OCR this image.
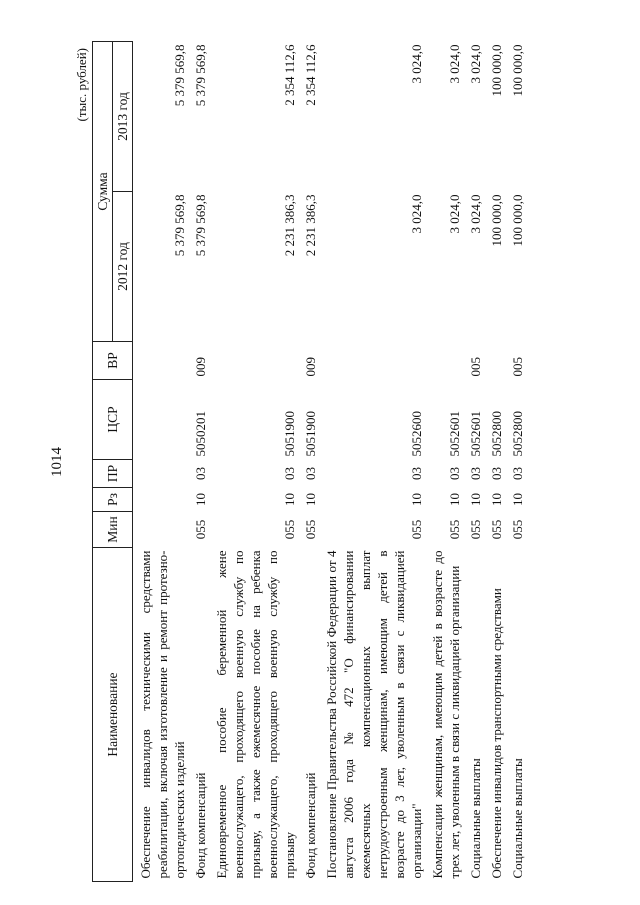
1014
(тыс. рублей)
Наименование	Мин	Рз	ПР	ЦСР	ВР	Сумма	
						2012 год	2013 год
Обеспечение инвалидов техническими средствами реабилитации, включая изготовление и ремонт протезно-ортопедических изделий						5 379 569,8	5 379 569,8
Фонд компенсаций	055	10	03	5050201	009	5 379 569,8	5 379 569,8
Единовременное пособие беременной жене военнослужащего, проходящего военную службу по призыву, а также ежемесячное пособие на ребенка военнослужащего, проходящего военную службу по призыву	055	10	03	5051900		2 231 386,3	2 354 112,6
Фонд компенсаций	055	10	03	5051900	009	2 231 386,3	2 354 112,6
Постановление Правительства Российской Федерации от 4 августа 2006 года № 472 "О финансировании ежемесячных компенсационных выплат нетрудоустроенным женщинам, имеющим детей в возрасте до 3 лет, уволенным в связи с ликвидацией организации"	055	10	03	5052600		3 024,0	3 024,0
Компенсации женщинам, имеющим детей в возрасте до трех лет, уволенным в связи с ликвидацией организации	055	10	03	5052601		3 024,0	3 024,0
Социальные выплаты	055	10	03	5052601	005	3 024,0	3 024,0
Обеспечение инвалидов транспортными средствами	055	10	03	5052800		100 000,0	100 000,0
Социальные выплаты	055	10	03	5052800	005	100 000,0	100 000,0
